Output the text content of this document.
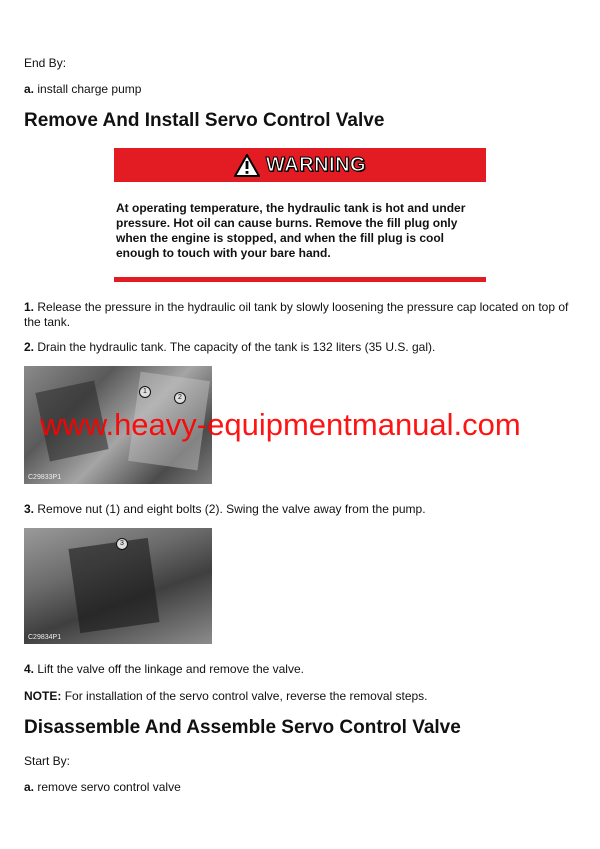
End By:

a. install charge pump

Remove And Install Servo Control Valve
WARNING

At operating temperature, the hydraulic tank is hot and under pressure. Hot oil can cause burns. Remove the fill plug only when the engine is stopped, and when the fill plug is cool enough to touch with your bare hand.

1. Release the pressure in the hydraulic oil tank by slowly loosening the pressure cap located on top of the tank.

2. Drain the hydraulic tank. The capacity of the tank is 132 liters (35 U.S. gal).

1
2
C29833P1
www.heavy-equipmentmanual.com

3. Remove nut (1) and eight bolts (2). Swing the valve away from the pump.

3
C29834P1

4. Lift the valve off the linkage and remove the valve.

NOTE: For installation of the servo control valve, reverse the removal steps.

Disassemble And Assemble Servo Control Valve

Start By:

a. remove servo control valve
